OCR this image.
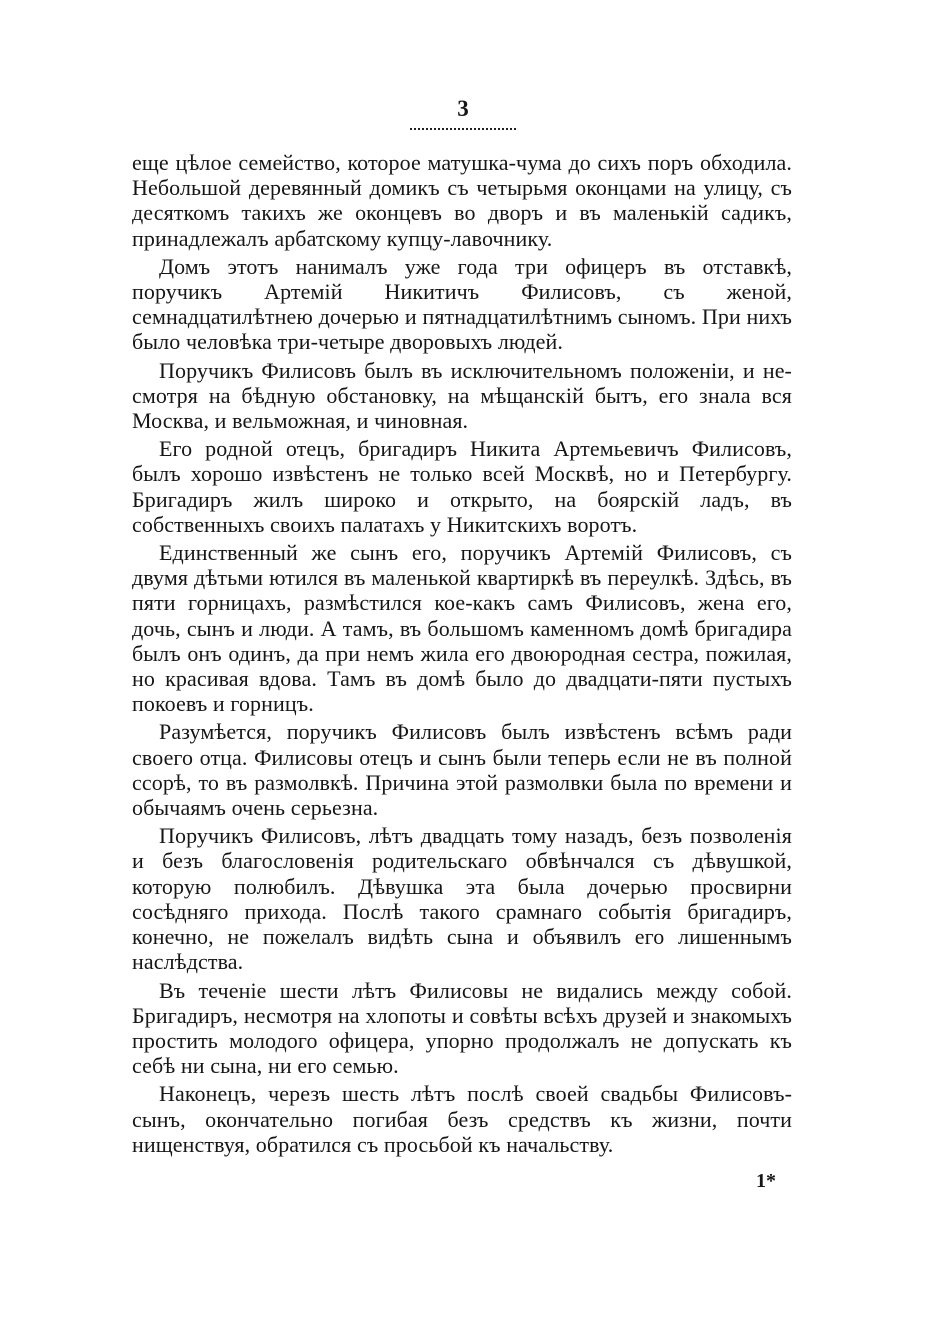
3

еще цѣлое семейство, которое матушка-чума до сихъ поръ обходила. Небольшой деревянный домикъ съ четырьмя оконцами на улицу, съ десяткомъ такихъ же оконцевъ во дворъ и въ маленькій садикъ, принадлежалъ арбатскому купцу-лавочнику.

Домъ этотъ нанималъ уже года три офицеръ въ отставкѣ, поручикъ Артемій Никитичъ Филисовъ, съ женой, семнадцатилѣтнею дочерью и пятнадцатилѣтнимъ сыномъ. При нихъ было человѣка три-четыре дворовыхъ людей.

Поручикъ Филисовъ былъ въ исключительномъ положеніи, и не-смотря на бѣдную обстановку, на мѣщанскій бытъ, его знала вся Москва, и вельможная, и чиновная.

Его родной отецъ, бригадиръ Никита Артемьевичъ Филисовъ, былъ хорошо извѣстенъ не только всей Москвѣ, но и Петербургу. Бригадиръ жилъ широко и открыто, на боярскій ладъ, въ собственныхъ своихъ палатахъ у Никитскихъ воротъ.

Единственный же сынъ его, поручикъ Артемій Филисовъ, съ двумя дѣтьми ютился въ маленькой квартиркѣ въ переулкѣ. Здѣсь, въ пяти горницахъ, размѣстился кое-какъ самъ Филисовъ, жена его, дочь, сынъ и люди. А тамъ, въ большомъ каменномъ домѣ бригадира былъ онъ одинъ, да при немъ жила его двоюродная сестра, пожилая, но красивая вдова. Тамъ въ домѣ было до двадцати-пяти пустыхъ покоевъ и горницъ.

Разумѣется, поручикъ Филисовъ былъ извѣстенъ всѣмъ ради своего отца. Филисовы отецъ и сынъ были теперь если не въ полной ссорѣ, то въ размолвкѣ. Причина этой размолвки была по времени и обычаямъ очень серьезна.

Поручикъ Филисовъ, лѣтъ двадцать тому назадъ, безъ позволенія и безъ благословенія родительскаго обвѣнчался съ дѣвушкой, которую полюбилъ. Дѣвушка эта была дочерью просвирни сосѣдняго прихода. Послѣ такого срамнаго событія бригадиръ, конечно, не пожелалъ видѣть сына и объявилъ его лишеннымъ наслѣдства.

Въ теченіе шести лѣтъ Филисовы не видались между собой. Бригадиръ, несмотря на хлопоты и совѣты всѣхъ друзей и знакомыхъ простить молодого офицера, упорно продолжалъ не допускать къ себѣ ни сына, ни его семью.

Наконецъ, черезъ шесть лѣтъ послѣ своей свадьбы Филисовъ-сынъ, окончательно погибая безъ средствъ къ жизни, почти нищенствуя, обратился съ просьбой къ начальству.

1*
